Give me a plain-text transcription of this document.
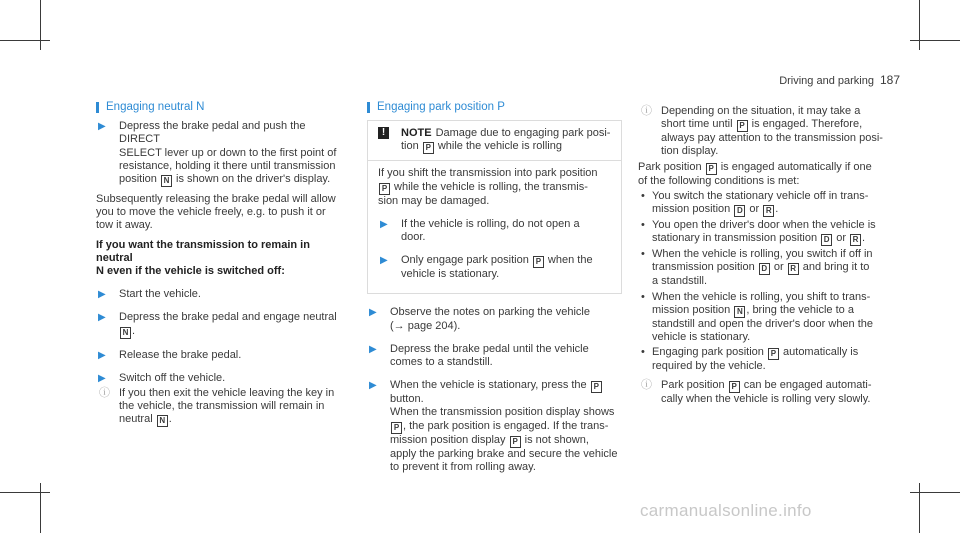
Driving and parking 187
Engaging neutral N
▶ Depress the brake pedal and push the DIRECT
SELECT lever up or down to the first point of
resistance, holding it there until transmission
position N is shown on the driver's display.

Subsequently releasing the brake pedal will allow
you to move the vehicle freely, e.g. to push it or
tow it away.

If you want the transmission to remain in neutral
N even if the vehicle is switched off:
▶ Start the vehicle.
▶ Depress the brake pedal and engage neutral
N .
▶ Release the brake pedal.
▶ Switch off the vehicle.
ⓘ If you then exit the vehicle leaving the key in
the vehicle, the transmission will remain in
neutral N .
Engaging park position P
!	NOTE Damage due to engaging park posi-
tion P while the vehicle is rolling

If you shift the transmission into park position
P while the vehicle is rolling, the transmis-
sion may be damaged.

▶ If the vehicle is rolling, do not open a
door.
▶ Only engage park position P when the
vehicle is stationary.
▶ Observe the notes on parking the vehicle
(→ page 204).
▶ Depress the brake pedal until the vehicle
comes to a standstill.
▶ When the vehicle is stationary, press the P
button.
When the transmission position display shows
P , the park position is engaged. If the trans-
mission position display P is not shown,
apply the parking brake and secure the vehicle
to prevent it from rolling away.
ⓘ Depending on the situation, it may take a
short time until P is engaged. Therefore,
always pay attention to the transmission posi-
tion display.

Park position P is engaged automatically if one
of the following conditions is met:

• You switch the stationary vehicle off in trans-
mission position D or R .
• You open the driver's door when the vehicle is
stationary in transmission position D or R .
• When the vehicle is rolling, you switch if off in
transmission position D or R and bring it to
a standstill.
• When the vehicle is rolling, you shift to trans-
mission position N , bring the vehicle to a
standstill and open the driver's door when the
vehicle is stationary.
• Engaging park position P automatically is
required by the vehicle.
ⓘ Park position P can be engaged automati-
cally when the vehicle is rolling very slowly.
carmanualsonline.info
